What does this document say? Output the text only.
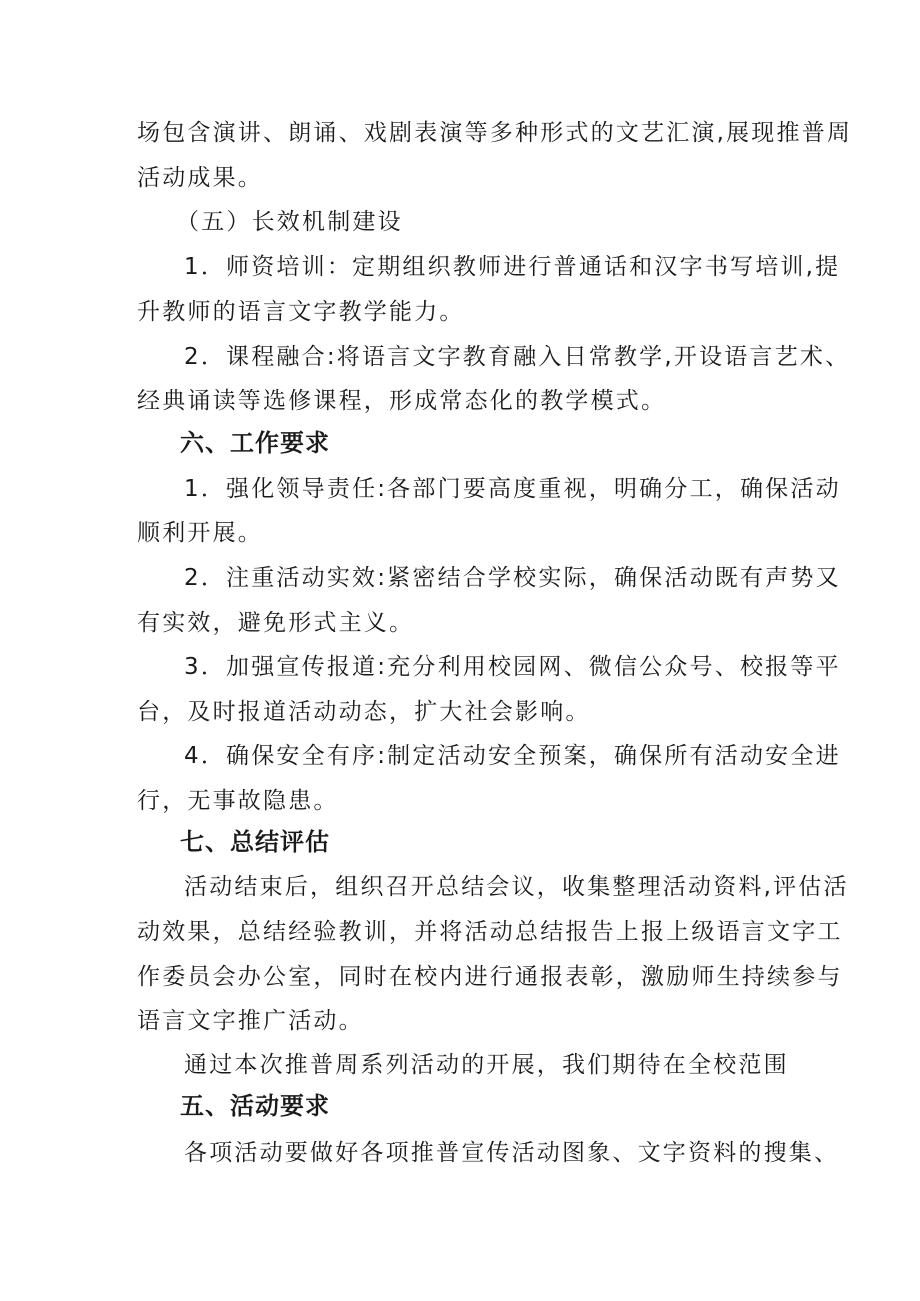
场包含演讲、朗诵、戏剧表演等多种形式的文艺汇演,展现推普周
活动成果。
（五）长效机制建设
1．师资培训：定期组织教师进行普通话和汉字书写培训,提
升教师的语言文字教学能力。
2．课程融合:将语言文字教育融入日常教学,开设语言艺术、
经典诵读等选修课程，形成常态化的教学模式。
六、工作要求
1．强化领导责任:各部门要高度重视，明确分工，确保活动
顺利开展。
2．注重活动实效:紧密结合学校实际，确保活动既有声势又
有实效，避免形式主义。
3．加强宣传报道:充分利用校园网、微信公众号、校报等平
台，及时报道活动动态，扩大社会影响。
4．确保安全有序:制定活动安全预案，确保所有活动安全进
行，无事故隐患。
七、总结评估
活动结束后，组织召开总结会议，收集整理活动资料,评估活
动效果，总结经验教训，并将活动总结报告上报上级语言文字工
作委员会办公室，同时在校内进行通报表彰，激励师生持续参与
语言文字推广活动。
通过本次推普周系列活动的开展，我们期待在全校范围
五、活动要求
各项活动要做好各项推普宣传活动图象、文字资料的搜集、
